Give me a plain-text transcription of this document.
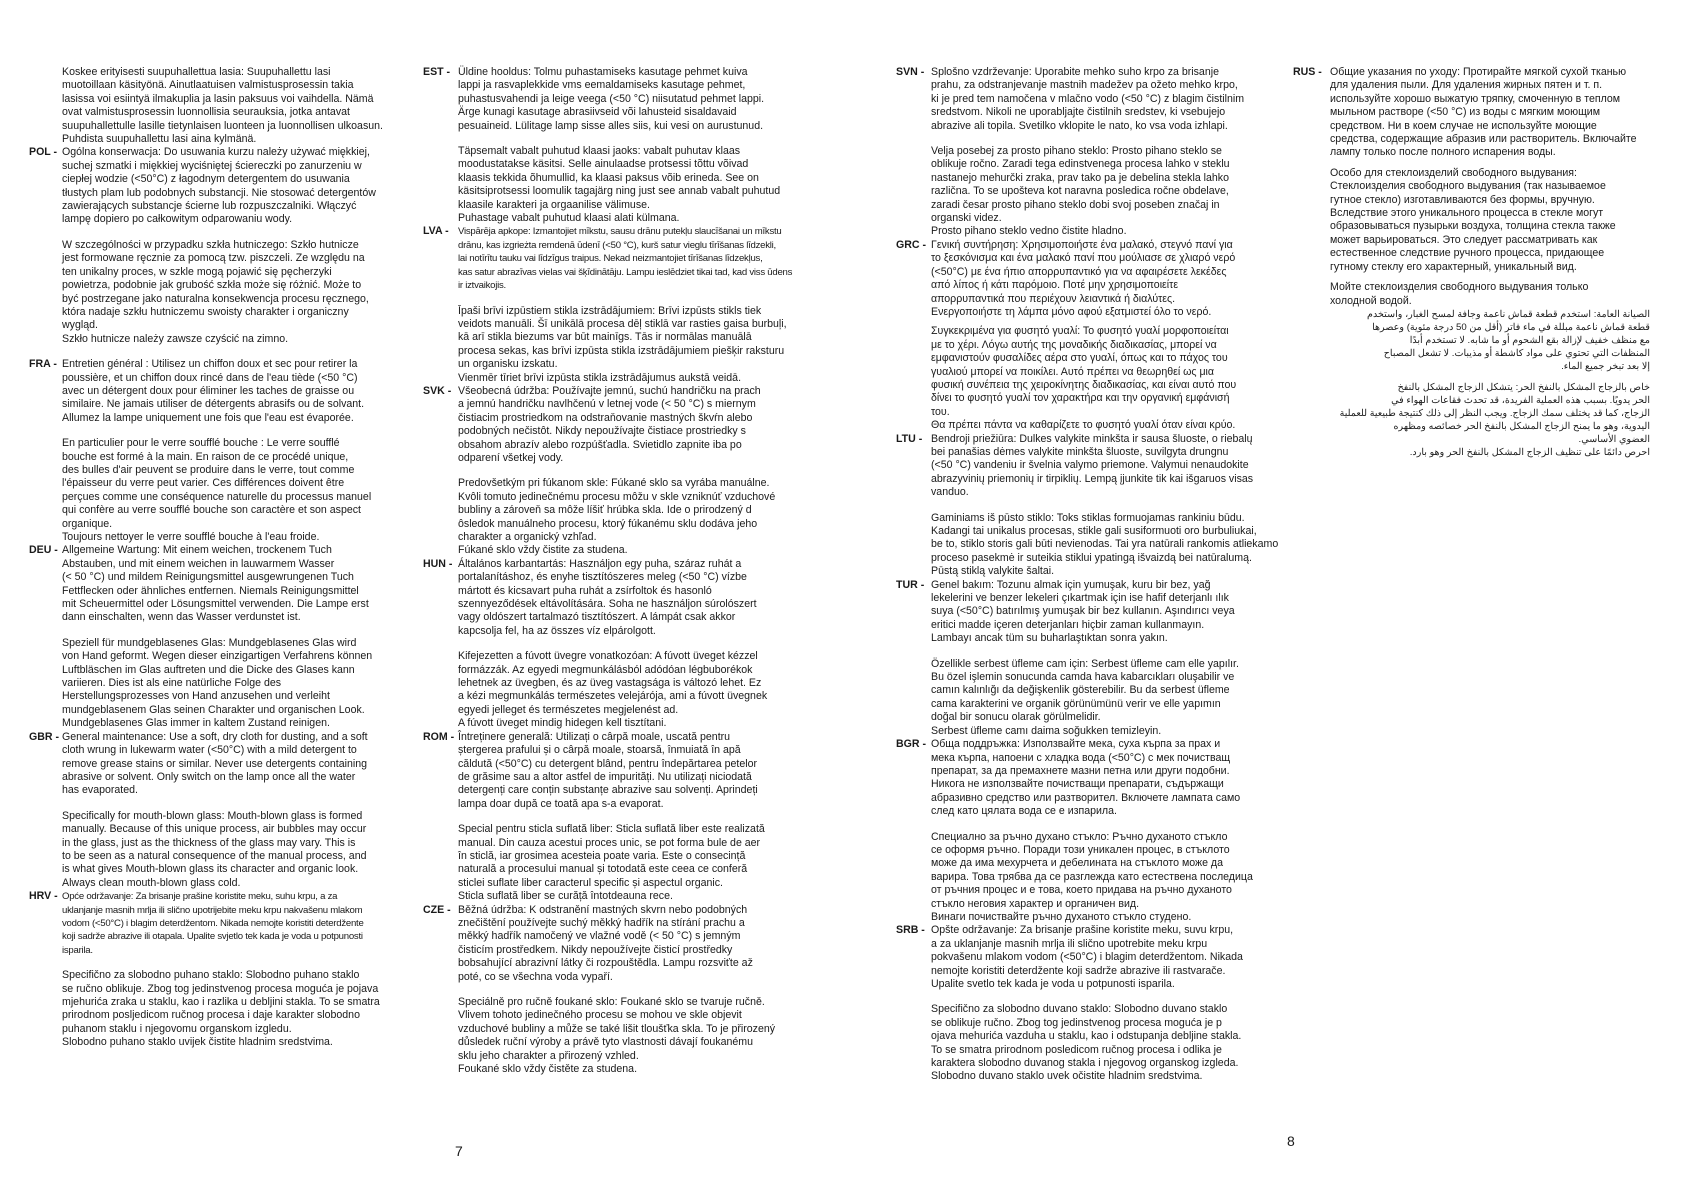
Koskee erityisesti suupuhallettua lasia: Suupuhallettu lasi
muotoillaan käsityönä. Ainutlaatuisen valmistusprosessin takia
lasissa voi esiintyä ilmakuplia ja lasin paksuus voi vaihdella. Nämä
ovat valmistusprosessin luonnollisia seurauksia, jotka antavat
suupuhallettulle lasille tietynlaisen luonteen ja luonnollisen ulkoasun.
Puhdista suupuhallettu lasi aina kylmänä.

POL - Ogólna konserwacja: Do usuwania kurzu należy używać miękkiej,
suchej szmatki i miękkiej wyciśniętej ściereczki po zanurzeniu w
ciepłej wodzie (<50°C) z łagodnym detergentem do usuwania
tłustych plam lub podobnych substancji. Nie stosować detergentów
zawierających substancje ścierne lub rozpuszczalniki. Włączyć
lampę dopiero po całkowitym odparowaniu wody.

W szczególności w przypadku szkła hutniczego: Szkło hutnicze
jest formowane ręcznie za pomocą tzw. piszczeli. Ze względu na
ten unikalny proces, w szkle mogą pojawić się pęcherzyki
powietrza, podobnie jak grubość szkła może się różnić. Może to
być postrzegane jako naturalna konsekwencja procesu ręcznego,
która nadaje szkłu hutniczemu swoisty charakter i organiczny
wygląd.
Szkło hutnicze należy zawsze czyścić na zimno.

FRA - Entretien général : Utilisez un chiffon doux et sec pour retirer la
poussière, et un chiffon doux rincé dans de l'eau tiède (<50 °C)
avec un détergent doux pour éliminer les taches de graisse ou
similaire. Ne jamais utiliser de détergents abrasifs ou de solvant.
Allumez la lampe uniquement une fois que l'eau est évaporée.

En particulier pour le verre soufflé bouche : Le verre soufflé
bouche est formé à la main. En raison de ce procédé unique,
des bulles d'air peuvent se produire dans le verre, tout comme
l'épaisseur du verre peut varier. Ces différences doivent être
perçues comme une conséquence naturelle du processus manuel
qui confère au verre soufflé bouche son caractère et son aspect
organique.
Toujours nettoyer le verre soufflé bouche à l'eau froide.

DEU - Allgemeine Wartung: Mit einem weichen, trockenem Tuch
Abstauben, und mit einem weichen in lauwarmem Wasser
(< 50 °C) und mildem Reinigungsmittel ausgewrungenen Tuch
Fettflecken oder ähnliches entfernen. Niemals Reinigungsmittel
mit Scheuermittel oder Lösungsmittel verwenden. Die Lampe erst
dann einschalten, wenn das Wasser verdunstet ist.

Speziell für mundgeblasenes Glas: Mundgeblasenes Glas wird
von Hand geformt. Wegen dieser einzigartigen Verfahrens können
Luftbläschen im Glas auftreten und die Dicke des Glases kann
variieren. Dies ist als eine natürliche Folge des
Herstellungsprozesses von Hand anzusehen und verleiht
mundgeblasenem Glas seinen Charakter und organischen Look.
Mundgeblasenes Glas immer in kaltem Zustand reinigen.

GBR - General maintenance: Use a soft, dry cloth for dusting, and a soft
cloth wrung in lukewarm water (<50°C) with a mild detergent to
remove grease stains or similar. Never use detergents containing
abrasive or solvent. Only switch on the lamp once all the water
has evaporated.

Specifically for mouth-blown glass: Mouth-blown glass is formed
manually. Because of this unique process, air bubbles may occur
in the glass, just as the thickness of the glass may vary. This is
to be seen as a natural consequence of the manual process, and
is what gives Mouth-blown glass its character and organic look.
Always clean mouth-blown glass cold.

HRV - Opće održavanje: Za brisanje prašine koristite meku, suhu krpu, a za
uklanjanje masnih mrlja ili slično upotrijebite meku krpu nakvašenu mlakom
vodom (<50°C) i blagim deterdžentom. Nikada nemojte koristiti deterdžente
koji sadrže abrazive ili otapala. Upalite svjetlo tek kada je voda u potpunosti
isparila.

Specifično za slobodno puhano staklo: Slobodno puhano staklo
se ručno oblikuje. Zbog tog jedinstvenog procesa moguća je pojava
mjehurića zraka u staklu, kao i razlika u debljini stakla. To se smatra
prirodnom posljedicom ručnog procesa i daje karakter slobodno
puhanom staklu i njegovomu organskom izgledu.
Slobodno puhano staklo uvijek čistite hladnim sredstvima.

EST - Üldine hooldus: Tolmu puhastamiseks kasutage pehmet kuiva
lappi ja rasvaplekkide vms eemaldamiseks kasutage pehmet,
puhastusvahendi ja leige veega (<50 °C) niisutatud pehmet lappi.
Ärge kunagi kasutage abrasiivseid või lahusteid sisaldavaid
pesuaineid. Lülitage lamp sisse alles siis, kui vesi on aurustunud.

Täpsemalt vabalt puhutud klaasi jaoks: vabalt puhutav klaas
moodustatakse käsitsi. Selle ainulaadse protsessi tõttu võivad
klaasis tekkida õhumullid, ka klaasi paksus võib erineda. See on
käsitsiprotsessi loomulik tagajärg ning just see annab vabalt puhutud
klaasile karakteri ja orgaanilise välimuse.
Puhastage vabalt puhutud klaasi alati külmana.

LVA - Vispārēja apkope: Izmantojiet mīkstu, sausu drānu putekļu slaucīšanai un mīkstu
drānu, kas izgrieżta remdenā ūdenī (<50 °C), kurš satur vieglu tīrīšanas līdzekli,
lai notīrītu tauku vai līdzīgus traipus. Nekad neizmantojiet tīrīšanas līdzekļus,
kas satur abrazīvas vielas vai šķīdinātāju. Lampu ieslēdziet tikai tad, kad viss ūdens
ir iztvaikojis.

Īpaši brīvi izpūstiem stikla izstrādājumiem: Brīvi izpūsts stikls tiek
veidots manuāli. Šī unikālā procesa dēļ stiklā var rasties gaisa burbuļi,
kā arī stikla biezums var būt mainīgs. Tās ir normālas manuālā
procesa sekas, kas brīvi izpūsta stikla izstrādājumiem piešķir raksturu
un organisku izskatu.
Vienmēr tīriet brīvi izpūsta stikla izstrādājumus aukstā veidā.

SVK - Všeobecná údržba: Používajte jemnú, suchú handričku na prach
a jemnú handričku navlhčenú v letnej vode (< 50 °C) s miernym
čistiacim prostriedkom na odstraňovanie mastných škvŕn alebo
podobných nečistôt. Nikdy nepoužívajte čistiace prostriedky s
obsahom abrazív alebo rozpúšťadla. Svietidlo zapnite iba po
odparení všetkej vody.

Predovšetkým pri fúkanom skle: Fúkané sklo sa vyrába manuálne.
Kvôli tomuto jedinečnému procesu môžu v skle vzniknúť vzduchové
bubliny a zároveň sa môže líšiť hrúbka skla. Ide o prirodzený d
ôsledok manuálneho procesu, ktorý fúkanému sklu dodáva jeho
charakter a organický vzhľad.
Fúkané sklo vždy čistite za studena.

HUN - Általános karbantartás: Használjon egy puha, száraz ruhát a
portalanításhoz, és enyhe tisztítószeres meleg (<50 °C) vízbe
mártott és kicsavart puha ruhát a zsírfoltok és hasonló
szennyeződések eltávolítására. Soha ne használjon súrolószert
vagy oldószert tartalmazó tisztítószert. A lámpát csak akkor
kapcsolja fel, ha az összes víz elpárolgott.

Kifejezetten a fúvott üvegre vonatkozóan: A fúvott üveget kézzel
formázzák. Az egyedi megmunkálásból adódóan légbuborékok
lehetnek az üvegben, és az üveg vastagsága is változó lehet. Ez
a kézi megmunkálás természetes velejárója, ami a fúvott üvegnek
egyedi jelleget és természetes megjelenést ad.
A fúvott üveget mindig hidegen kell tisztítani.

ROM - Întreținere generală: Utilizați o cârpă moale, uscată pentru
ștergerea prafului și o cârpă moale, stoarsă, înmuiată în apă
căldută (<50°C) cu detergent blând, pentru îndepărtarea petelor
de grăsime sau a altor astfel de impurități. Nu utilizați niciodată
detergenți care conțin substanțe abrazive sau solvenți. Aprindeți
lampa doar după ce toată apa s-a evaporat.

Special pentru sticla suflată liber: Sticla suflată liber este realizată
manual. Din cauza acestui proces unic, se pot forma bule de aer
în sticlă, iar grosimea acesteia poate varia. Este o consecință
naturală a procesului manual și totodată este ceea ce conferă
sticlei suflate liber caracterul specific și aspectul organic.
Sticla suflată liber se curăță întotdeauna rece.

CZE - Běžná údržba: K odstranění mastných skvrn nebo podobných
znečištění používejte suchý měkký hadřík na stírání prachu a
měkký hadřík namočený ve vlažné vodě (< 50 °C) s jemným
čisticím prostředkem. Nikdy nepoužívejte čisticí prostředky
bobsahující abrazivní látky či rozpouštědla. Lampu rozsviťte až
poté, co se všechna voda vypaří.

Speciálně pro ručně foukané sklo: Foukané sklo se tvaruje ručně.
Vlivem tohoto jedinečného procesu se mohou ve skle objevit
vzduchové bubliny a může se také lišit tloušťka skla. To je přirozený
důsledek ruční výroby a právě tyto vlastnosti dávají foukanému
sklu jeho charakter a přirozený vzhled.
Foukané sklo vždy čistěte za studena.

7
SVN - Splošno vzdrževanje: Uporabite mehko suho krpo za brisanje
prahu, za odstranjevanje mastnih madežev pa ožeto mehko krpo,
ki je pred tem namočena v mlačno vodo (<50 °C) z blagim čistilnim
sredstvom. Nikoli ne uporabljajte čistilnih sredstev, ki vsebujejo
abrazive ali topila. Svetilko vklopite le nato, ko vsa voda izhlapi.

Velja posebej za prosto pihano steklo: Prosto pihano steklo se
oblikuje ročno. Zaradi tega edinstvenega procesa lahko v steklu
nastanejo mehurčki zraka, prav tako pa je debelina stekla lahko
različna. To se upošteva kot naravna posledica ročne obdelave,
zaradi česar prosto pihano steklo dobi svoj poseben značaj in
organski videz.
Prosto pihano steklo vedno čistite hladno.

GRC - Γενική συντήρηση: Χρησιμοποιήστε ένα μαλακό, στεγνό πανί για
το ξεσκόνισμα και ένα μαλακό πανί που μούλιασε σε χλιαρό νερό
(<50°C) με ένα ήπιο απορρυπαντικό για να αφαιρέσετε λεκέδες
από λίπος ή κάτι παρόμοιο. Ποτέ μην χρησιμοποιείτε
απορρυπαντικά που περιέχουν λειαντικά ή διαλύτες.
Ενεργοποιήστε τη λάμπα μόνο αφού εξατμιστεί όλο το νερό.

Συγκεκριμένα για φυσητό γυαλί: Το φυσητό γυαλί μορφοποιείται
με το χέρι. Λόγω αυτής της μοναδικής διαδικασίας, μπορεί να
εμφανιστούν φυσαλίδες αέρα στο γυαλί, όπως και το πάχος του
γυαλιού μπορεί να ποικίλει. Αυτό πρέπει να θεωρηθεί ως μια
φυσική συνέπεια της χειροκίνητης διαδικασίας, και είναι αυτό που
δίνει το φυσητό γυαλί τον χαρακτήρα και την οργανική εμφάνισή
του.
Θα πρέπει πάντα να καθαρίζετε το φυσητό γυαλί όταν είναι κρύο.

LTU - Bendroji priežiūra: Dulkes valykite minkšta ir sausa šluoste, o riebalų
bei panašias dėmes valykite minkšta šluoste, suvilgyta drungnu
(<50 °C) vandeniu ir švelnia valymo priemone. Valymui nenaudokite
abrazyvinių priemonių ir tirpiklių. Lempą įjunkite tik kai išgaruos visas
vanduo.

Gaminiams iš pūsto stiklo: Toks stiklas formuojamas rankiniu būdu.
Kadangi tai unikalus procesas, stikle gali susiformuoti oro burbuliukai,
be to, stiklo storis gali būti nevienodas. Tai yra natūrali rankomis atliekamo
proceso pasekmė ir suteikia stiklui ypatingą išvaizdą bei natūralumą.
Pūstą stiklą valykite šaltai.

TUR - Genel bakım: Tozunu almak için yumuşak, kuru bir bez, yağ
lekelerini ve benzer lekeleri çıkartmak için ise hafif deterjanlı ılık
suya (<50°C) batırılmış yumuşak bir bez kullanın. Aşındırıcı veya
eritici madde içeren deterjanları hiçbir zaman kullanmayın.
Lambayı ancak tüm su buharlaştıktan sonra yakın.

Özellikle serbest üfleme cam için: Serbest üfleme cam elle yapılır.
Bu özel işlemin sonucunda camda hava kabarcıkları oluşabilir ve
camın kalınlığı da değişkenlik gösterebilir. Bu da serbest üfleme
cama karakterini ve organik görünümünü verir ve elle yapımın
doğal bir sonucu olarak görülmelidir.
Serbest üfleme camı daima soğukken temizleyin.

BGR - Обща поддръжка: Използвайте мека, суха кърпа за прах и
мека кърпа, напоени с хладка вода (<50°C) с мек почистващ
препарат, за да премахнете мазни петна или други подобни.
Никога не използвайте почистващи препарати, съдържащи
абразивно средство или разтворител. Включете лампата само
след като цялата вода се е изпарила.

Специално за ръчно духано стъкло: Ръчно духаното стъкло
се оформя ръчно. Поради този уникален процес, в стъклото
може да има мехурчета и дебелината на стъклото може да
варира. Това трябва да се разглежда като естествена последица
от ръчния процес и е това, което придава на ръчно духаното
стъкло неговия характер и органичен вид.
Винаги почиствайте ръчно духаното стъкло студено.

SRB - Opšte održavanje: Za brisanje prašine koristite meku, suvu krpu,
a za uklanjanje masnih mrlja ili slično upotrebite meku krpu
pokvašenu mlakom vodom (<50°C) i blagim deterdžentom. Nikada
nemojte koristiti deterdžente koji sadrže abrazive ili rastvarače.
Upalite svetlo tek kada je voda u potpunosti isparila.

Specifično za slobodno duvano staklo: Slobodno duvano staklo
se oblikuje ručno. Zbog tog jedinstvenog procesa moguća je p
ojava mehurića vazduha u staklu, kao i odstupanja debljine stakla.
To se smatra prirodnom posledicom ručnog procesa i odlika je
karaktera slobodno duvanog stakla i njegovog organskog izgleda.
Slobodno duvano staklo uvek očistite hladnim sredstvima.

RUS - Общие указания по уходу: Протирайте мягкой сухой тканью
для удаления пыли. Для удаления жирных пятен и т. п.
используйте хорошо выжатую тряпку, смоченную в теплом
мыльном растворе (<50 °C) из воды с мягким моющим
средством. Ни в коем случае не используйте моющие
средства, содержащие абразив или растворитель. Включайте
лампу только после полного испарения воды.

Особо для стеклоизделий свободного выдувания:
Стеклоизделия свободного выдувания (так называемое
гутное стекло) изготавливаются без формы, вручную.
Вследствие этого уникального процесса в стекле могут
образовываться пузырьки воздуха, толщина стекла также
может варьироваться. Это следует рассматривать как
естественное следствие ручного процесса, придающее
гутному стеклу его характерный, уникальный вид.

Мойте стеклоизделия свободного выдувания только
холодной водой.

الصيانة العامة: استخدم قطعة قماش ناعمة وجافة لمسح الغبار، واستخدم
قطعة قماش ناعمة مبللة في ماء فاتر (أقل من 50 درجة مئوية) وعصرها
مع منظف خفيف لإزالة بقع الشحوم أو ما شابه. لا تستخدم أبدًا
المنظفات التي تحتوي على مواد كاشطة أو مذيبات. لا تشعل المصباح
إلا بعد تبخر جميع الماء.

خاص بالزجاج المشكل بالنفخ الحر: يتشكل الزجاج المشكل بالنفخ
الحر يدويًا. بسبب هذه العملية الفريدة، قد تحدث فقاعات الهواء في
الزجاج، كما قد يختلف سمك الزجاج. ويجب النظر إلى ذلك كنتيجة طبيعية للعملية
اليدوية، وهو ما يمنح الزجاج المشكل بالنفخ الحر خصائصه ومظهره
العضوي الأساسي.
احرص دائمًا على تنظيف الزجاج المشكل بالنفخ الحر وهو بارد.

8
